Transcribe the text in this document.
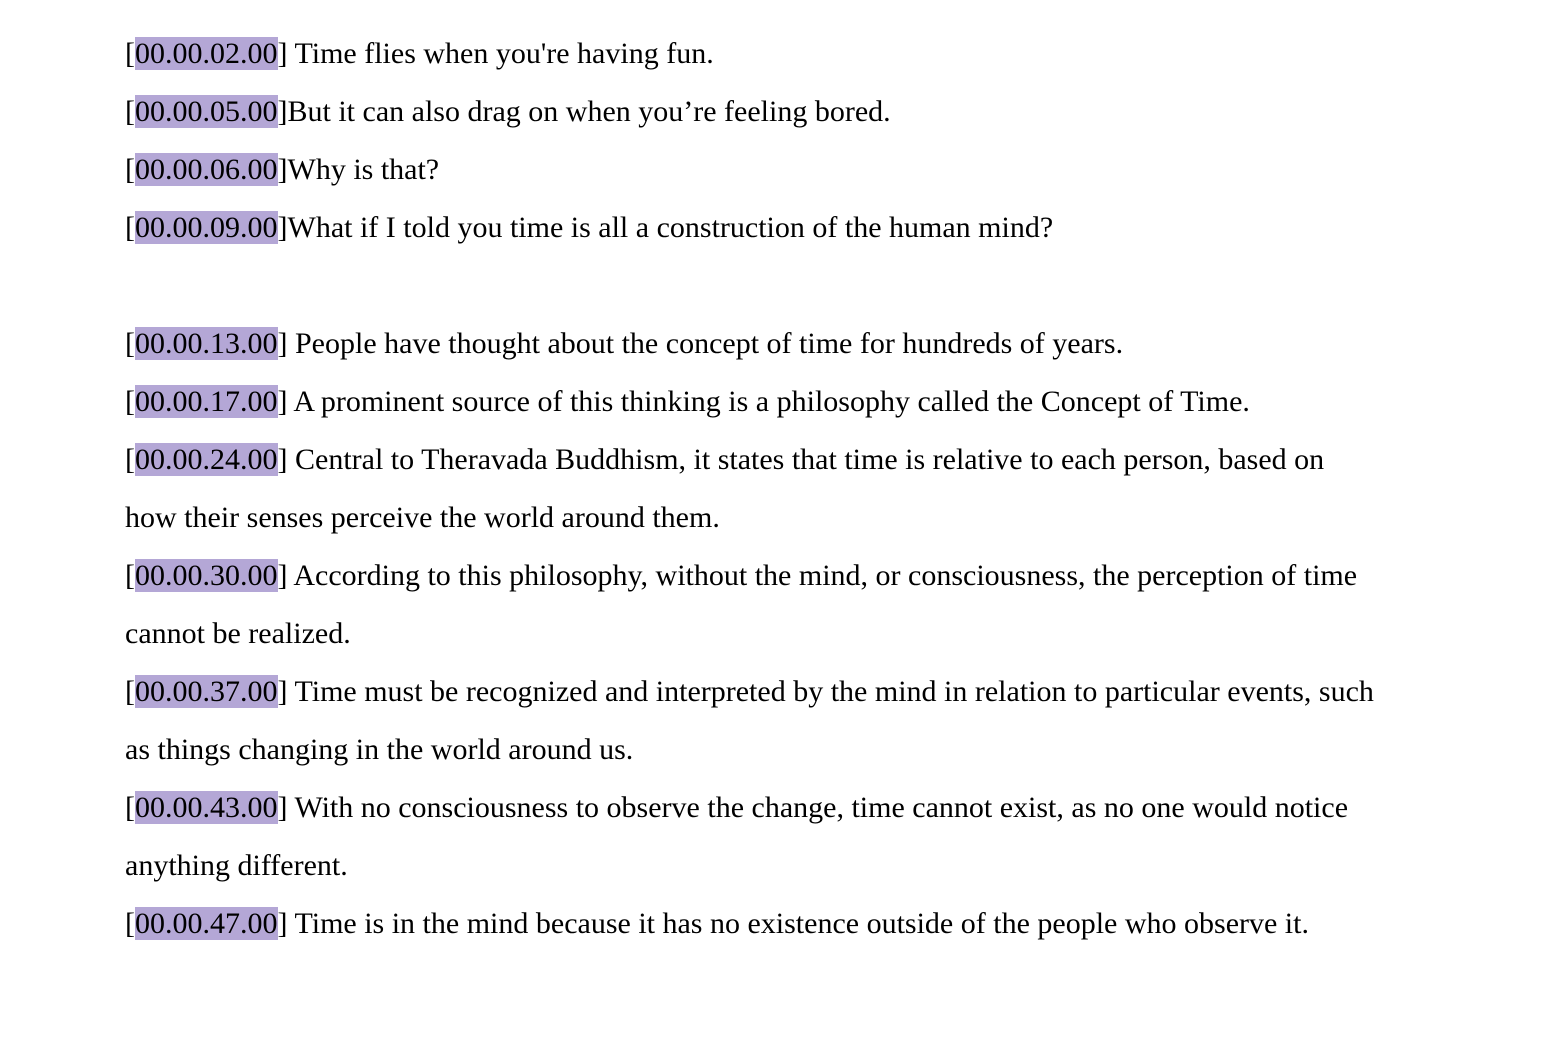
[00.00.02.00] Time flies when you're having fun.

[00.00.05.00]But it can also drag on when you’re feeling bored.

[00.00.06.00]Why is that?

[00.00.09.00]What if I told you time is all a construction of the human mind?

[00.00.13.00] People have thought about the concept of time for hundreds of years.

[00.00.17.00] A prominent source of this thinking is a philosophy called the Concept of Time.

[00.00.24.00] Central to Theravada Buddhism, it states that time is relative to each person, based on how their senses perceive the world around them.

[00.00.30.00] According to this philosophy, without the mind, or consciousness, the perception of time cannot be realized.

[00.00.37.00] Time must be recognized and interpreted by the mind in relation to particular events, such as things changing in the world around us.

[00.00.43.00] With no consciousness to observe the change, time cannot exist, as no one would notice anything different.

[00.00.47.00] Time is in the mind because it has no existence outside of the people who observe it.
